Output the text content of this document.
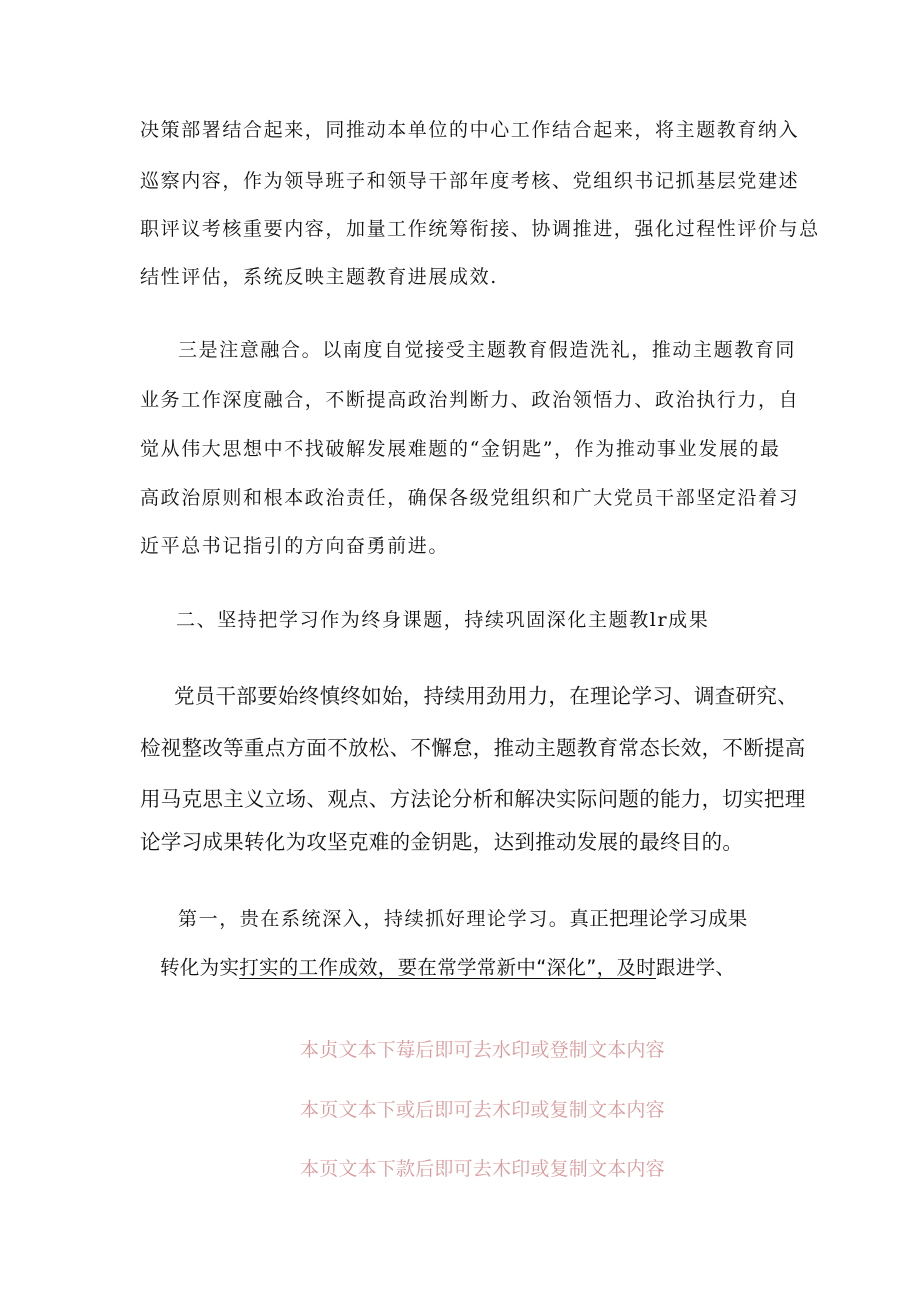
决策部署结合起来，同推动本单位的中心工作结合起来，将主题教育纳入
巡察内容，作为领导班子和领导干部年度考核、党组织书记抓基层党建述
职评议考核重要内容，加量工作统筹衔接、协调推进，强化过程性评价与总
结性评估，系统反映主题教育进展成效.
三是注意融合。以南度自觉接受主题教育假造洗礼，推动主题教育同
业务工作深度融合，不断提高政治判断力、政治领悟力、政治执行力，自
觉从伟大思想中不找破解发展难题的“金钥匙”，作为推动事业发展的最
高政治原则和根本政治责任，确保各级党组织和广大党员干部坚定沿着习
近平总书记指引的方向奋勇前进。
二、坚持把学习作为终身课题，持续巩固深化主题教lr成果
党员干部要始终慎终如始，持续用劲用力，在理论学习、调查研究、
检视整改等重点方面不放松、不懈怠，推动主题教育常态长效，不断提高
用马克思主义立场、观点、方法论分析和解决实际问题的能力，切实把理
论学习成果转化为攻坚克难的金钥匙，达到推动发展的最终目的。
第一，贵在系统深入，持续抓好理论学习。真正把理论学习成果
转化为实打实的工作成效，要在常学常新中“深化”，及时跟进学、
本贞文本下莓后即可去水印或登制文本内容
本页文本下或后即可去木印或复制文本内容
本页文本下款后即可去木印或复制文本内容
